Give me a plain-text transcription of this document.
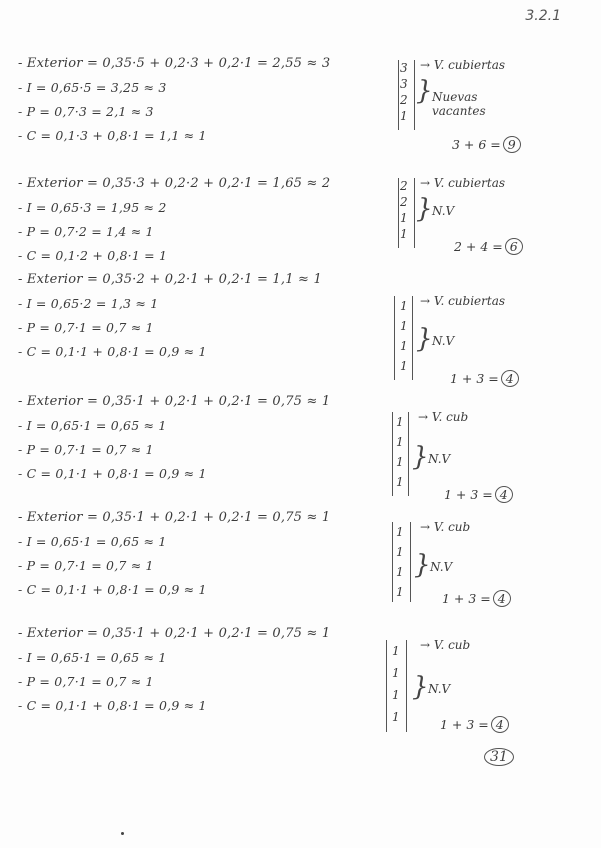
3.2.1
- Exterior = 0,35·5 + 0,2·3 + 0,2·1 = 2,55 ≈ 3
- I = 0,65·5 = 3,25 ≈ 3
- P = 0,7·3 = 2,1 ≈ 3
- C = 0,1·3 + 0,8·1 = 1,1 ≈ 1
3
3
2
1
→ V. cubiertas
} Nuevas vacantes
3 + 6 = 9
- Exterior = 0,35·3 + 0,2·2 + 0,2·1 = 1,65 ≈ 2
- I = 0,65·3 = 1,95 ≈ 2
- P = 0,7·2 = 1,4 ≈ 1
- C = 0,1·2 + 0,8·1 = 1
2
2
1
1
→ V. cubiertas
} N.V
2 + 4 = 6
- Exterior = 0,35·2 + 0,2·1 + 0,2·1 = 1,1 ≈ 1
- I = 0,65·2 = 1,3 ≈ 1
- P = 0,7·1 = 0,7 ≈ 1
- C = 0,1·1 + 0,8·1 = 0,9 ≈ 1
1
1
1
1
→ V. cubiertas
} N.V
1 + 3 = 4
- Exterior = 0,35·1 + 0,2·1 + 0,2·1 = 0,75 ≈ 1
- I = 0,65·1 = 0,65 ≈ 1
- P = 0,7·1 = 0,7 ≈ 1
- C = 0,1·1 + 0,8·1 = 0,9 ≈ 1
1
1
1
1
→ V. cub
} N.V
1 + 3 = 4
- Exterior = 0,35·1 + 0,2·1 + 0,2·1 = 0,75 ≈ 1
- I = 0,65·1 = 0,65 ≈ 1
- P = 0,7·1 = 0,7 ≈ 1
- C = 0,1·1 + 0,8·1 = 0,9 ≈ 1
1
1
1
1
→ V. cub
} N.V
1 + 3 = 4
- Exterior = 0,35·1 + 0,2·1 + 0,2·1 = 0,75 ≈ 1
- I = 0,65·1 = 0,65 ≈ 1
- P = 0,7·1 = 0,7 ≈ 1
- C = 0,1·1 + 0,8·1 = 0,9 ≈ 1
1
1
1
1
→ V. cub
} N.V
1 + 3 = 4
31
